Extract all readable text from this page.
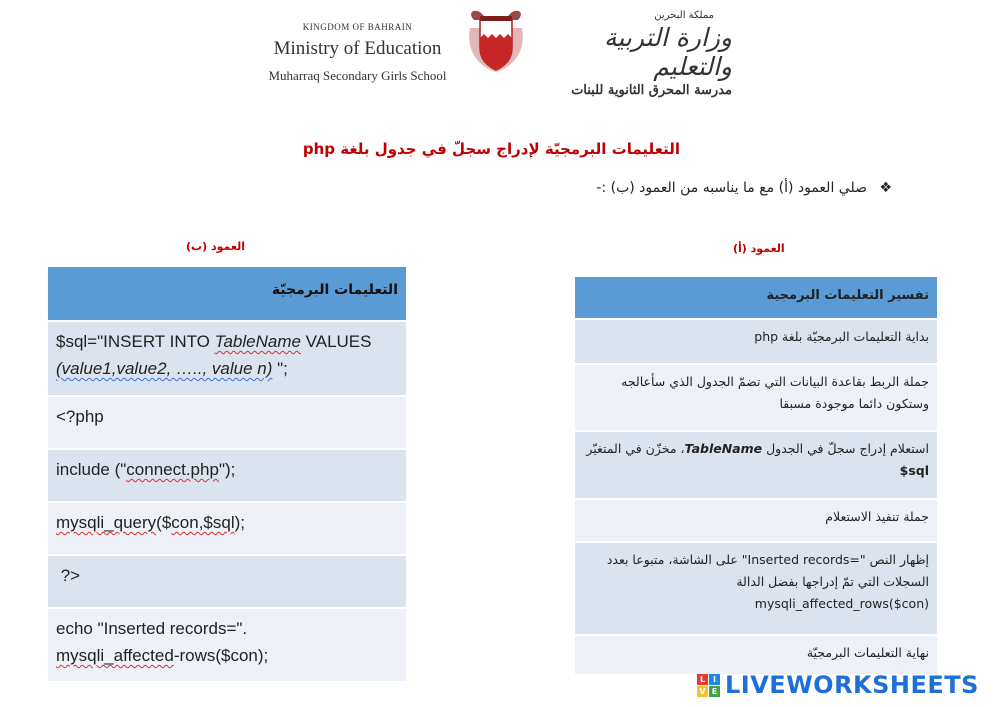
KINGDOM OF BAHRAIN
Ministry of Education
Muharraq Secondary Girls School
مملكة البحرين
وزارة التربية والتعليم
مدرسة المحرق الثانوية للبنات
التعليمات البرمجيّة لإدراج سجلّ في جدول بلغة php
❖ صلي العمود (أ) مع ما يناسبه من العمود (ب) :-
العمود (ب)	العمود (أ)
التعليمات البرمجيّة
$sql="INSERT INTO TableName VALUES
(value1,value2, ….., value n) ";
<?php
include ("connect.php");
mysqli_query($con,$sql);
?>
echo "Inserted records=".
mysqli_affected-rows($con);
تفسير التعليمات البرمجية
بداية التعليمات البرمجيّة بلغة php
جملة الربط بقاعدة البيانات التي تضمّ الجدول الذي سأعالجه وستكون دائما موجودة مسبقا
استعلام إدراج سجلّ في الجدول TableName، مخزّن في المتغيّر $sql
جملة تنفيذ الاستعلام
إظهار النص "Inserted records=" على الشاشة، متبوعا بعدد السجلات التي تمّ إدراجها بفضل الدالة mysqli_affected_rows($con)
نهاية التعليمات البرمجيّة
L I
V E LIVEWORKSHEETS
